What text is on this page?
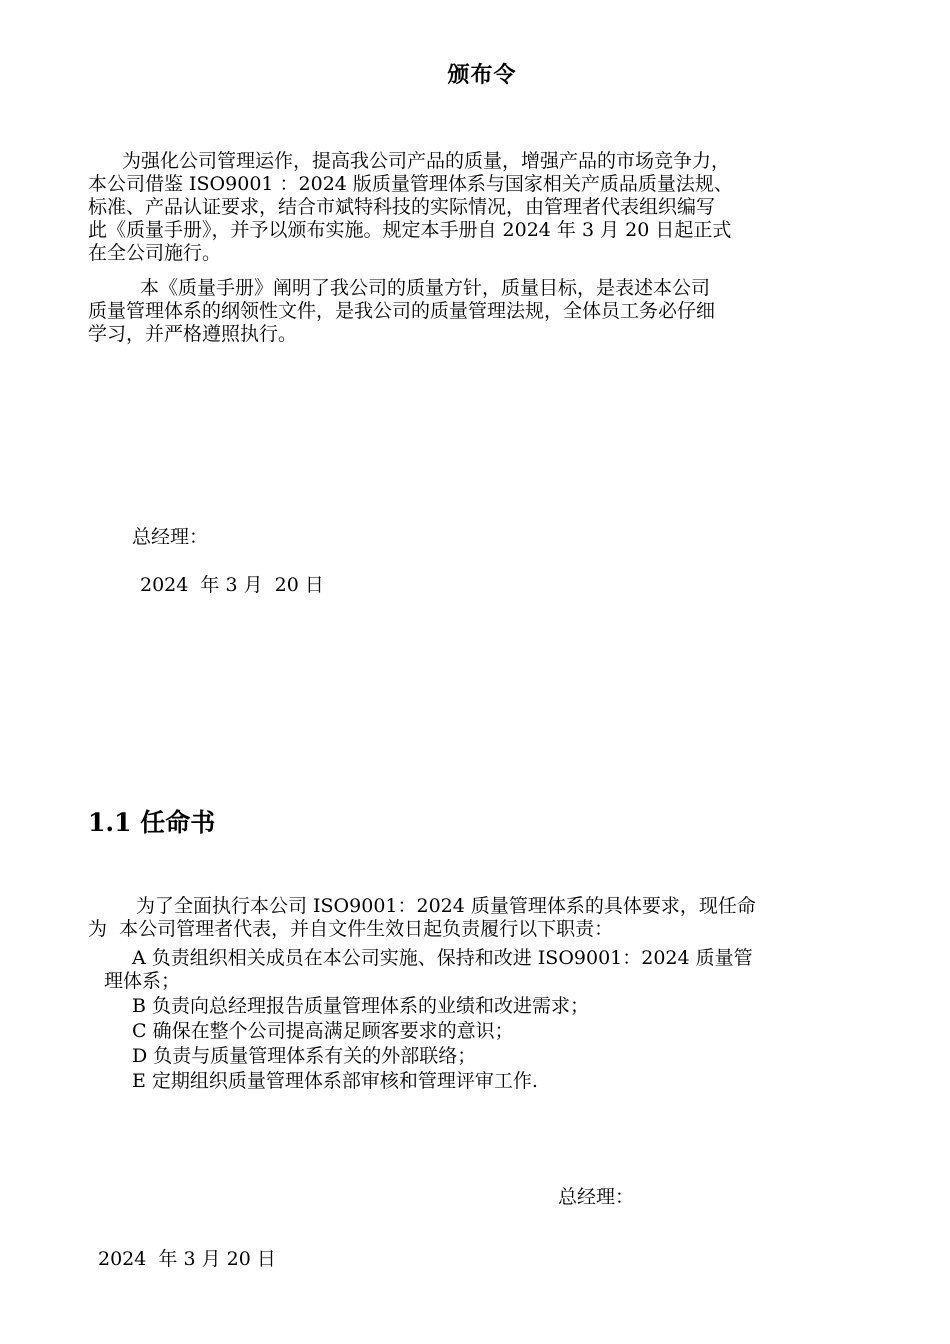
颁布令
为强化公司管理运作，提高我公司产品的质量，增强产品的市场竞争力，
本公司借鉴 ISO9001 ：2024 版质量管理体系与国家相关产质品质量法规、
标准、产品认证要求，结合市斌特科技的实际情况，由管理者代表组织编写
此《质量手册》，并予以颁布实施。规定本手册自 2024 年 3 月 20 日起正式
在全公司施行。
本《质量手册》阐明了我公司的质量方针，质量目标，是表述本公司
质量管理体系的纲领性文件，是我公司的质量管理法规，全体员工务必仔细
学习，并严格遵照执行。
总经理：
2024  年 3 月  20 日
1.1 任命书
为了全面执行本公司 ISO9001：2024 质量管理体系的具体要求，现任命
为  本公司管理者代表，并自文件生效日起负责履行以下职责：
A 负责组织相关成员在本公司实施、保持和改进 ISO9001：2024 质量管
理体系；
B 负责向总经理报告质量管理体系的业绩和改进需求；
C 确保在整个公司提高满足顾客要求的意识；
D 负责与质量管理体系有关的外部联络；
E 定期组织质量管理体系部审核和管理评审工作.
总经理：
2024  年 3 月 20 日
